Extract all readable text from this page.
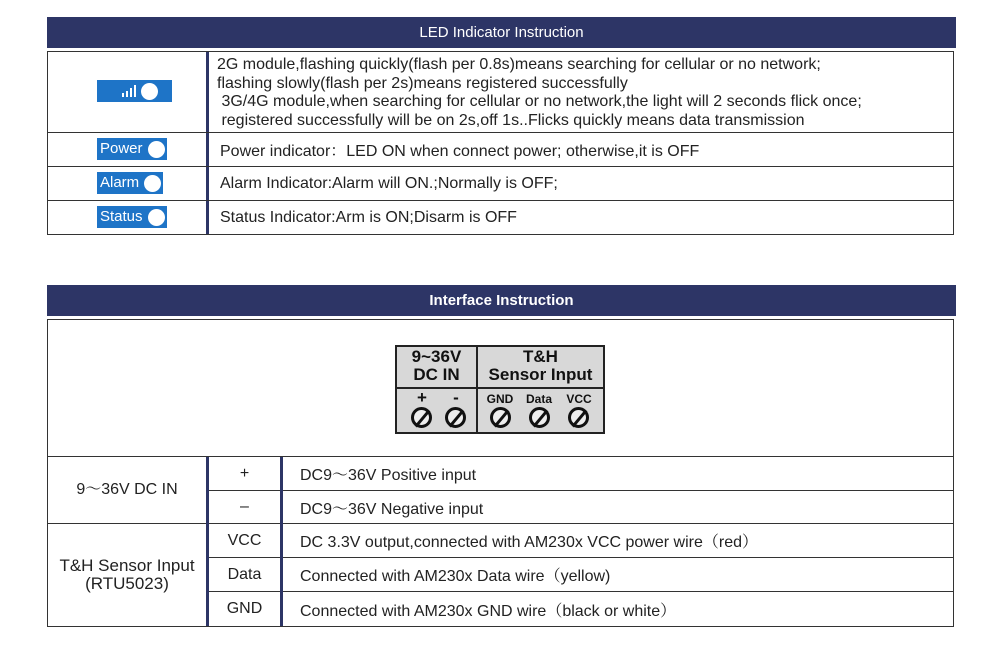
LED Indicator Instruction
2G module,flashing quickly(flash per 0.8s)means searching for cellular or no network;
flashing slowly(flash per 2s)means registered successfully
3G/4G module,when searching for cellular or no network,the light will 2 seconds flick once;
registered successfully will be on 2s,off 1s..Flicks quickly means data transmission
Power	Power indicator：LED ON when connect power; otherwise,it is OFF
Alarm	Alarm Indicator:Alarm will ON.;Normally is OFF;
Status	Status Indicator:Arm is ON;Disarm is OFF
Interface Instruction
9~36V
DC IN
T&H
Sensor Input
+	-	GND	Data	VCC
9～36V DC IN
+	DC9～36V Positive input
–	DC9～36V Negative input
T&H Sensor Input
(RTU5023)
VCC	DC 3.3V output,connected with AM230x VCC power wire（red）
Data	Connected with AM230x Data wire（yellow)
GND	Connected with AM230x GND wire（black or white）
